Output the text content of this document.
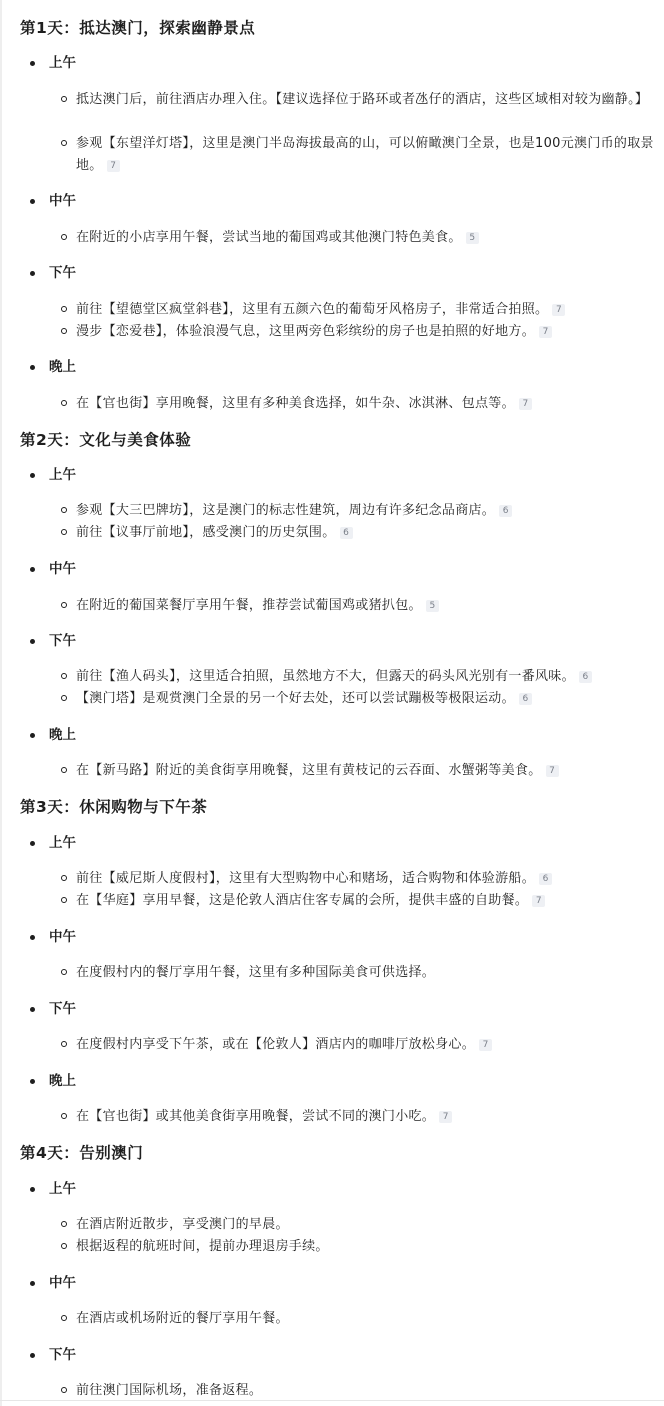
第1天：抵达澳门，探索幽静景点
上午
抵达澳门后，前往酒店办理入住。【建议选择位于路环或者氹仔的酒店，这些区域相对较为幽静。】
参观【东望洋灯塔】，这里是澳门半岛海拔最高的山，可以俯瞰澳门全景，也是100元澳门币的取景地。 7
中午
在附近的小店享用午餐，尝试当地的葡国鸡或其他澳门特色美食。 5
下午
前往【望德堂区疯堂斜巷】，这里有五颜六色的葡萄牙风格房子，非常适合拍照。 7
漫步【恋爱巷】，体验浪漫气息，这里两旁色彩缤纷的房子也是拍照的好地方。 7
晚上
在【官也街】享用晚餐，这里有多种美食选择，如牛杂、冰淇淋、包点等。 7
第2天：文化与美食体验
上午
参观【大三巴牌坊】，这是澳门的标志性建筑，周边有许多纪念品商店。 6
前往【议事厅前地】，感受澳门的历史氛围。 6
中午
在附近的葡国菜餐厅享用午餐，推荐尝试葡国鸡或猪扒包。 5
下午
前往【渔人码头】，这里适合拍照，虽然地方不大，但露天的码头风光别有一番风味。 6
【澳门塔】是观赏澳门全景的另一个好去处，还可以尝试蹦极等极限运动。 6
晚上
在【新马路】附近的美食街享用晚餐，这里有黄枝记的云吞面、水蟹粥等美食。 7
第3天：休闲购物与下午茶
上午
前往【威尼斯人度假村】，这里有大型购物中心和赌场，适合购物和体验游船。 6
在【华庭】享用早餐，这是伦敦人酒店住客专属的会所，提供丰盛的自助餐。 7
中午
在度假村内的餐厅享用午餐，这里有多种国际美食可供选择。
下午
在度假村内享受下午茶，或在【伦敦人】酒店内的咖啡厅放松身心。 7
晚上
在【官也街】或其他美食街享用晚餐，尝试不同的澳门小吃。 7
第4天：告别澳门
上午
在酒店附近散步，享受澳门的早晨。
根据返程的航班时间，提前办理退房手续。
中午
在酒店或机场附近的餐厅享用午餐。
下午
前往澳门国际机场，准备返程。
